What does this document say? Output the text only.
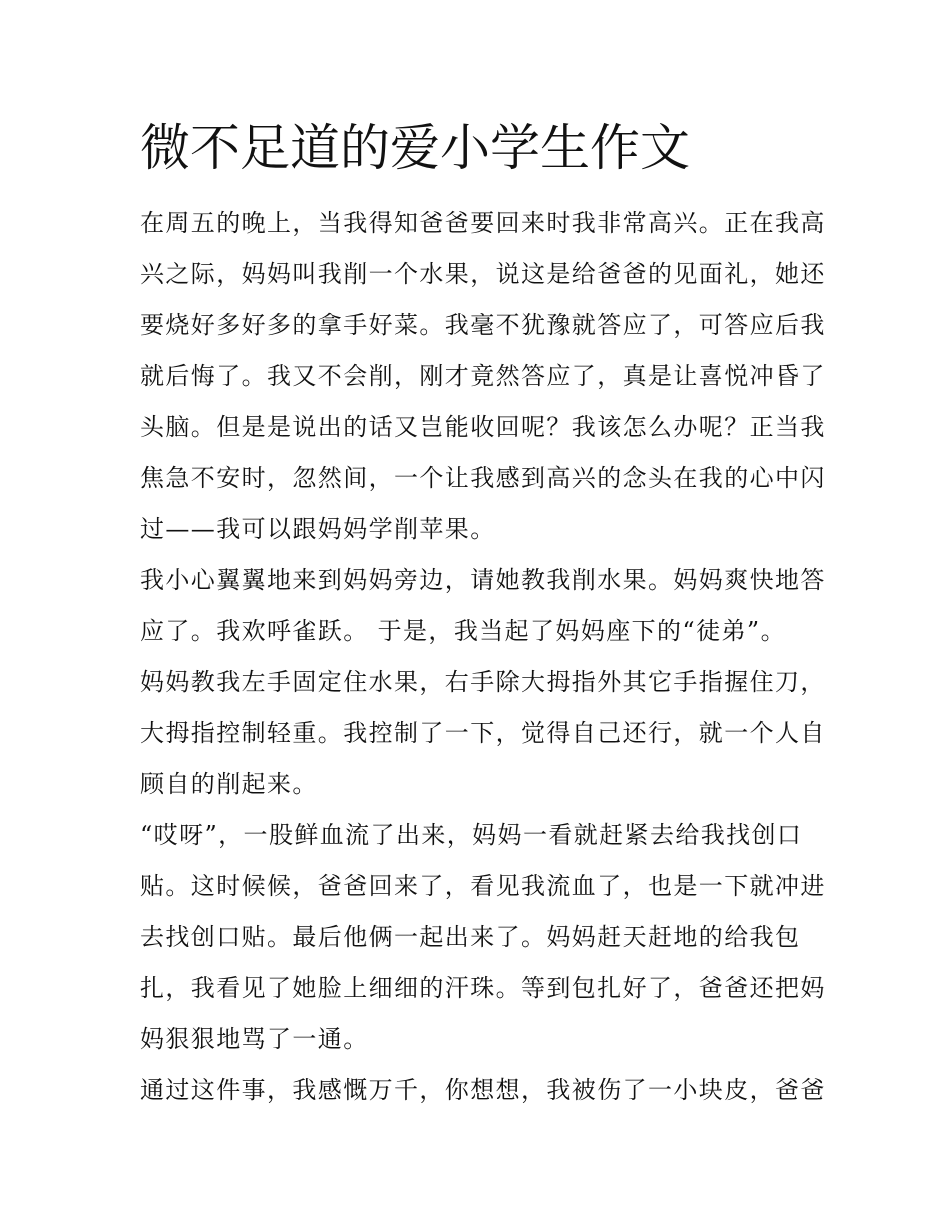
微不足道的爱小学生作文
在周五的晚上，当我得知爸爸要回来时我非常高兴。正在我高
兴之际，妈妈叫我削一个水果，说这是给爸爸的见面礼，她还
要烧好多好多的拿手好菜。我毫不犹豫就答应了，可答应后我
就后悔了。我又不会削，刚才竟然答应了，真是让喜悦冲昏了
头脑。但是是说出的话又岂能收回呢？我该怎么办呢？正当我
焦急不安时，忽然间，一个让我感到高兴的念头在我的心中闪
过——我可以跟妈妈学削苹果。
我小心翼翼地来到妈妈旁边，请她教我削水果。妈妈爽快地答
应了。我欢呼雀跃。 于是，我当起了妈妈座下的“徒弟”。
妈妈教我左手固定住水果，右手除大拇指外其它手指握住刀，
大拇指控制轻重。我控制了一下，觉得自己还行，就一个人自
顾自的削起来。
“哎呀”，一股鲜血流了出来，妈妈一看就赶紧去给我找创口
贴。这时候候，爸爸回来了，看见我流血了，也是一下就冲进
去找创口贴。最后他俩一起出来了。妈妈赶天赶地的给我包
扎，我看见了她脸上细细的汗珠。等到包扎好了，爸爸还把妈
妈狠狠地骂了一通。
通过这件事，我感慨万千，你想想，我被伤了一小块皮，爸爸
